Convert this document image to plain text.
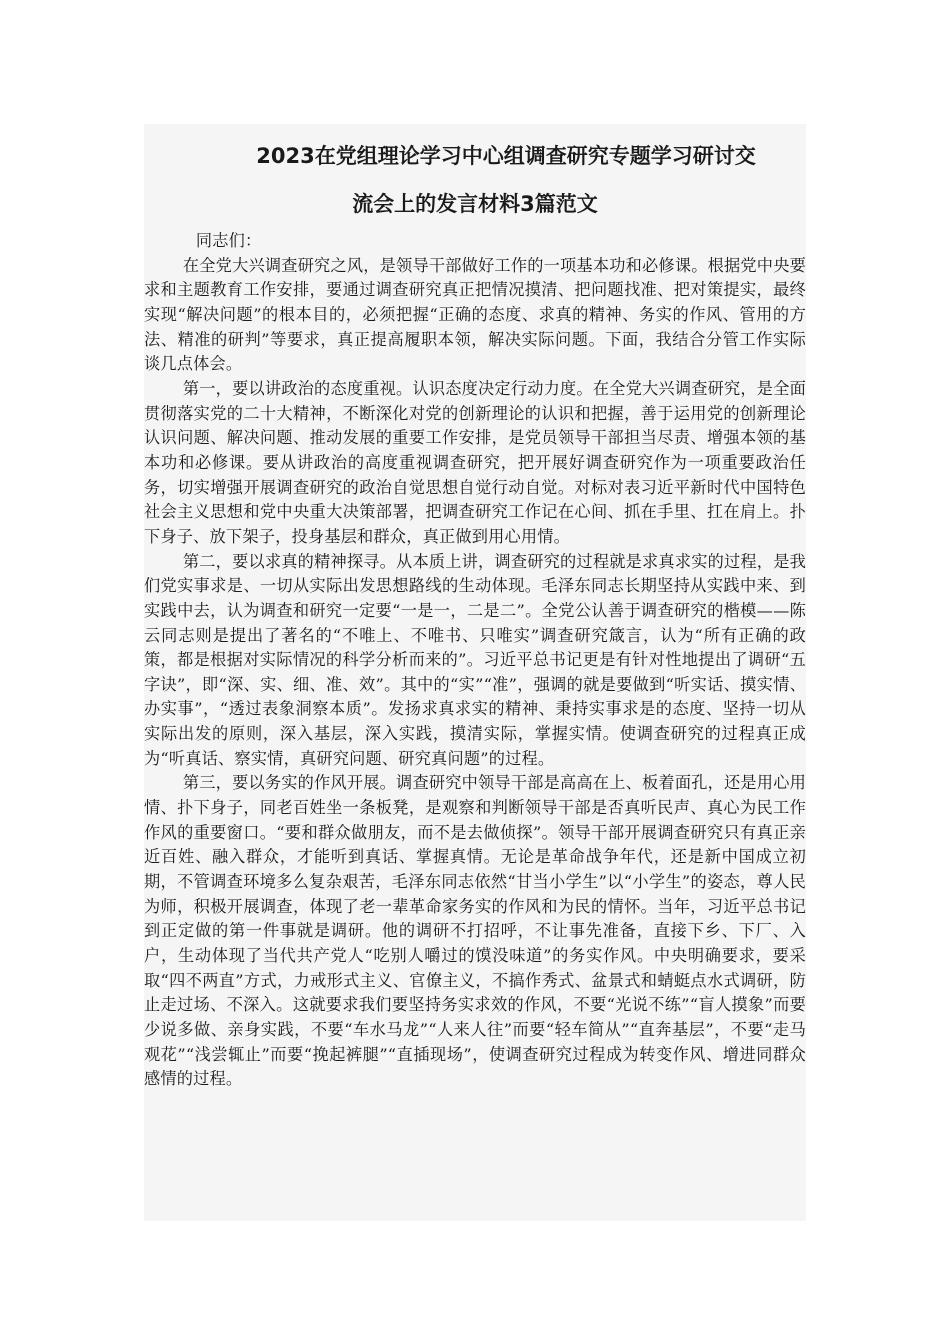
2023在党组理论学习中心组调查研究专题学习研讨交
流会上的发言材料3篇范文

同志们：

在全党大兴调查研究之风，是领导干部做好工作的一项基本功和必修课。根据党中央要求和主题教育工作安排，要通过调查研究真正把情况摸清、把问题找准、把对策提实，最终实现“解决问题”的根本目的，必须把握“正确的态度、求真的精神、务实的作风、管用的方法、精准的研判”等要求，真正提高履职本领，解决实际问题。下面，我结合分管工作实际谈几点体会。

第一，要以讲政治的态度重视。认识态度决定行动力度。在全党大兴调查研究，是全面贯彻落实党的二十大精神，不断深化对党的创新理论的认识和把握，善于运用党的创新理论认识问题、解决问题、推动发展的重要工作安排，是党员领导干部担当尽责、增强本领的基本功和必修课。要从讲政治的高度重视调查研究，把开展好调查研究作为一项重要政治任务，切实增强开展调查研究的政治自觉思想自觉行动自觉。对标对表习近平新时代中国特色社会主义思想和党中央重大决策部署，把调查研究工作记在心间、抓在手里、扛在肩上。扑下身子、放下架子，投身基层和群众，真正做到用心用情。

第二，要以求真的精神探寻。从本质上讲，调查研究的过程就是求真求实的过程，是我们党实事求是、一切从实际出发思想路线的生动体现。毛泽东同志长期坚持从实践中来、到实践中去，认为调查和研究一定要“一是一，二是二”。全党公认善于调查研究的楷模——陈云同志则是提出了著名的“不唯上、不唯书、只唯实”调查研究箴言，认为“所有正确的政策，都是根据对实际情况的科学分析而来的”。习近平总书记更是有针对性地提出了调研“五字诀”，即“深、实、细、准、效”。其中的“实”“准”，强调的就是要做到“听实话、摸实情、办实事”，“透过表象洞察本质”。发扬求真求实的精神、秉持实事求是的态度、坚持一切从实际出发的原则，深入基层，深入实践，摸清实际，掌握实情。使调查研究的过程真正成为“听真话、察实情，真研究问题、研究真问题”的过程。

第三，要以务实的作风开展。调查研究中领导干部是高高在上、板着面孔，还是用心用情、扑下身子，同老百姓坐一条板凳，是观察和判断领导干部是否真听民声、真心为民工作作风的重要窗口。“要和群众做朋友，而不是去做侦探”。领导干部开展调查研究只有真正亲近百姓、融入群众，才能听到真话、掌握真情。无论是革命战争年代，还是新中国成立初期，不管调查环境多么复杂艰苦，毛泽东同志依然“甘当小学生”以“小学生”的姿态，尊人民为师，积极开展调查，体现了老一辈革命家务实的作风和为民的情怀。当年，习近平总书记到正定做的第一件事就是调研。他的调研不打招呼，不让事先准备，直接下乡、下厂、入户，生动体现了当代共产党人“吃别人嚼过的馍没味道”的务实作风。中央明确要求，要采取“四不两直”方式，力戒形式主义、官僚主义，不搞作秀式、盆景式和蜻蜓点水式调研，防止走过场、不深入。这就要求我们要坚持务实求效的作风，不要“光说不练”“盲人摸象”而要少说多做、亲身实践，不要“车水马龙”“人来人往”而要“轻车简从”“直奔基层”，不要“走马观花”“浅尝辄止”而要“挽起裤腿”“直插现场”，使调查研究过程成为转变作风、增进同群众感情的过程。
